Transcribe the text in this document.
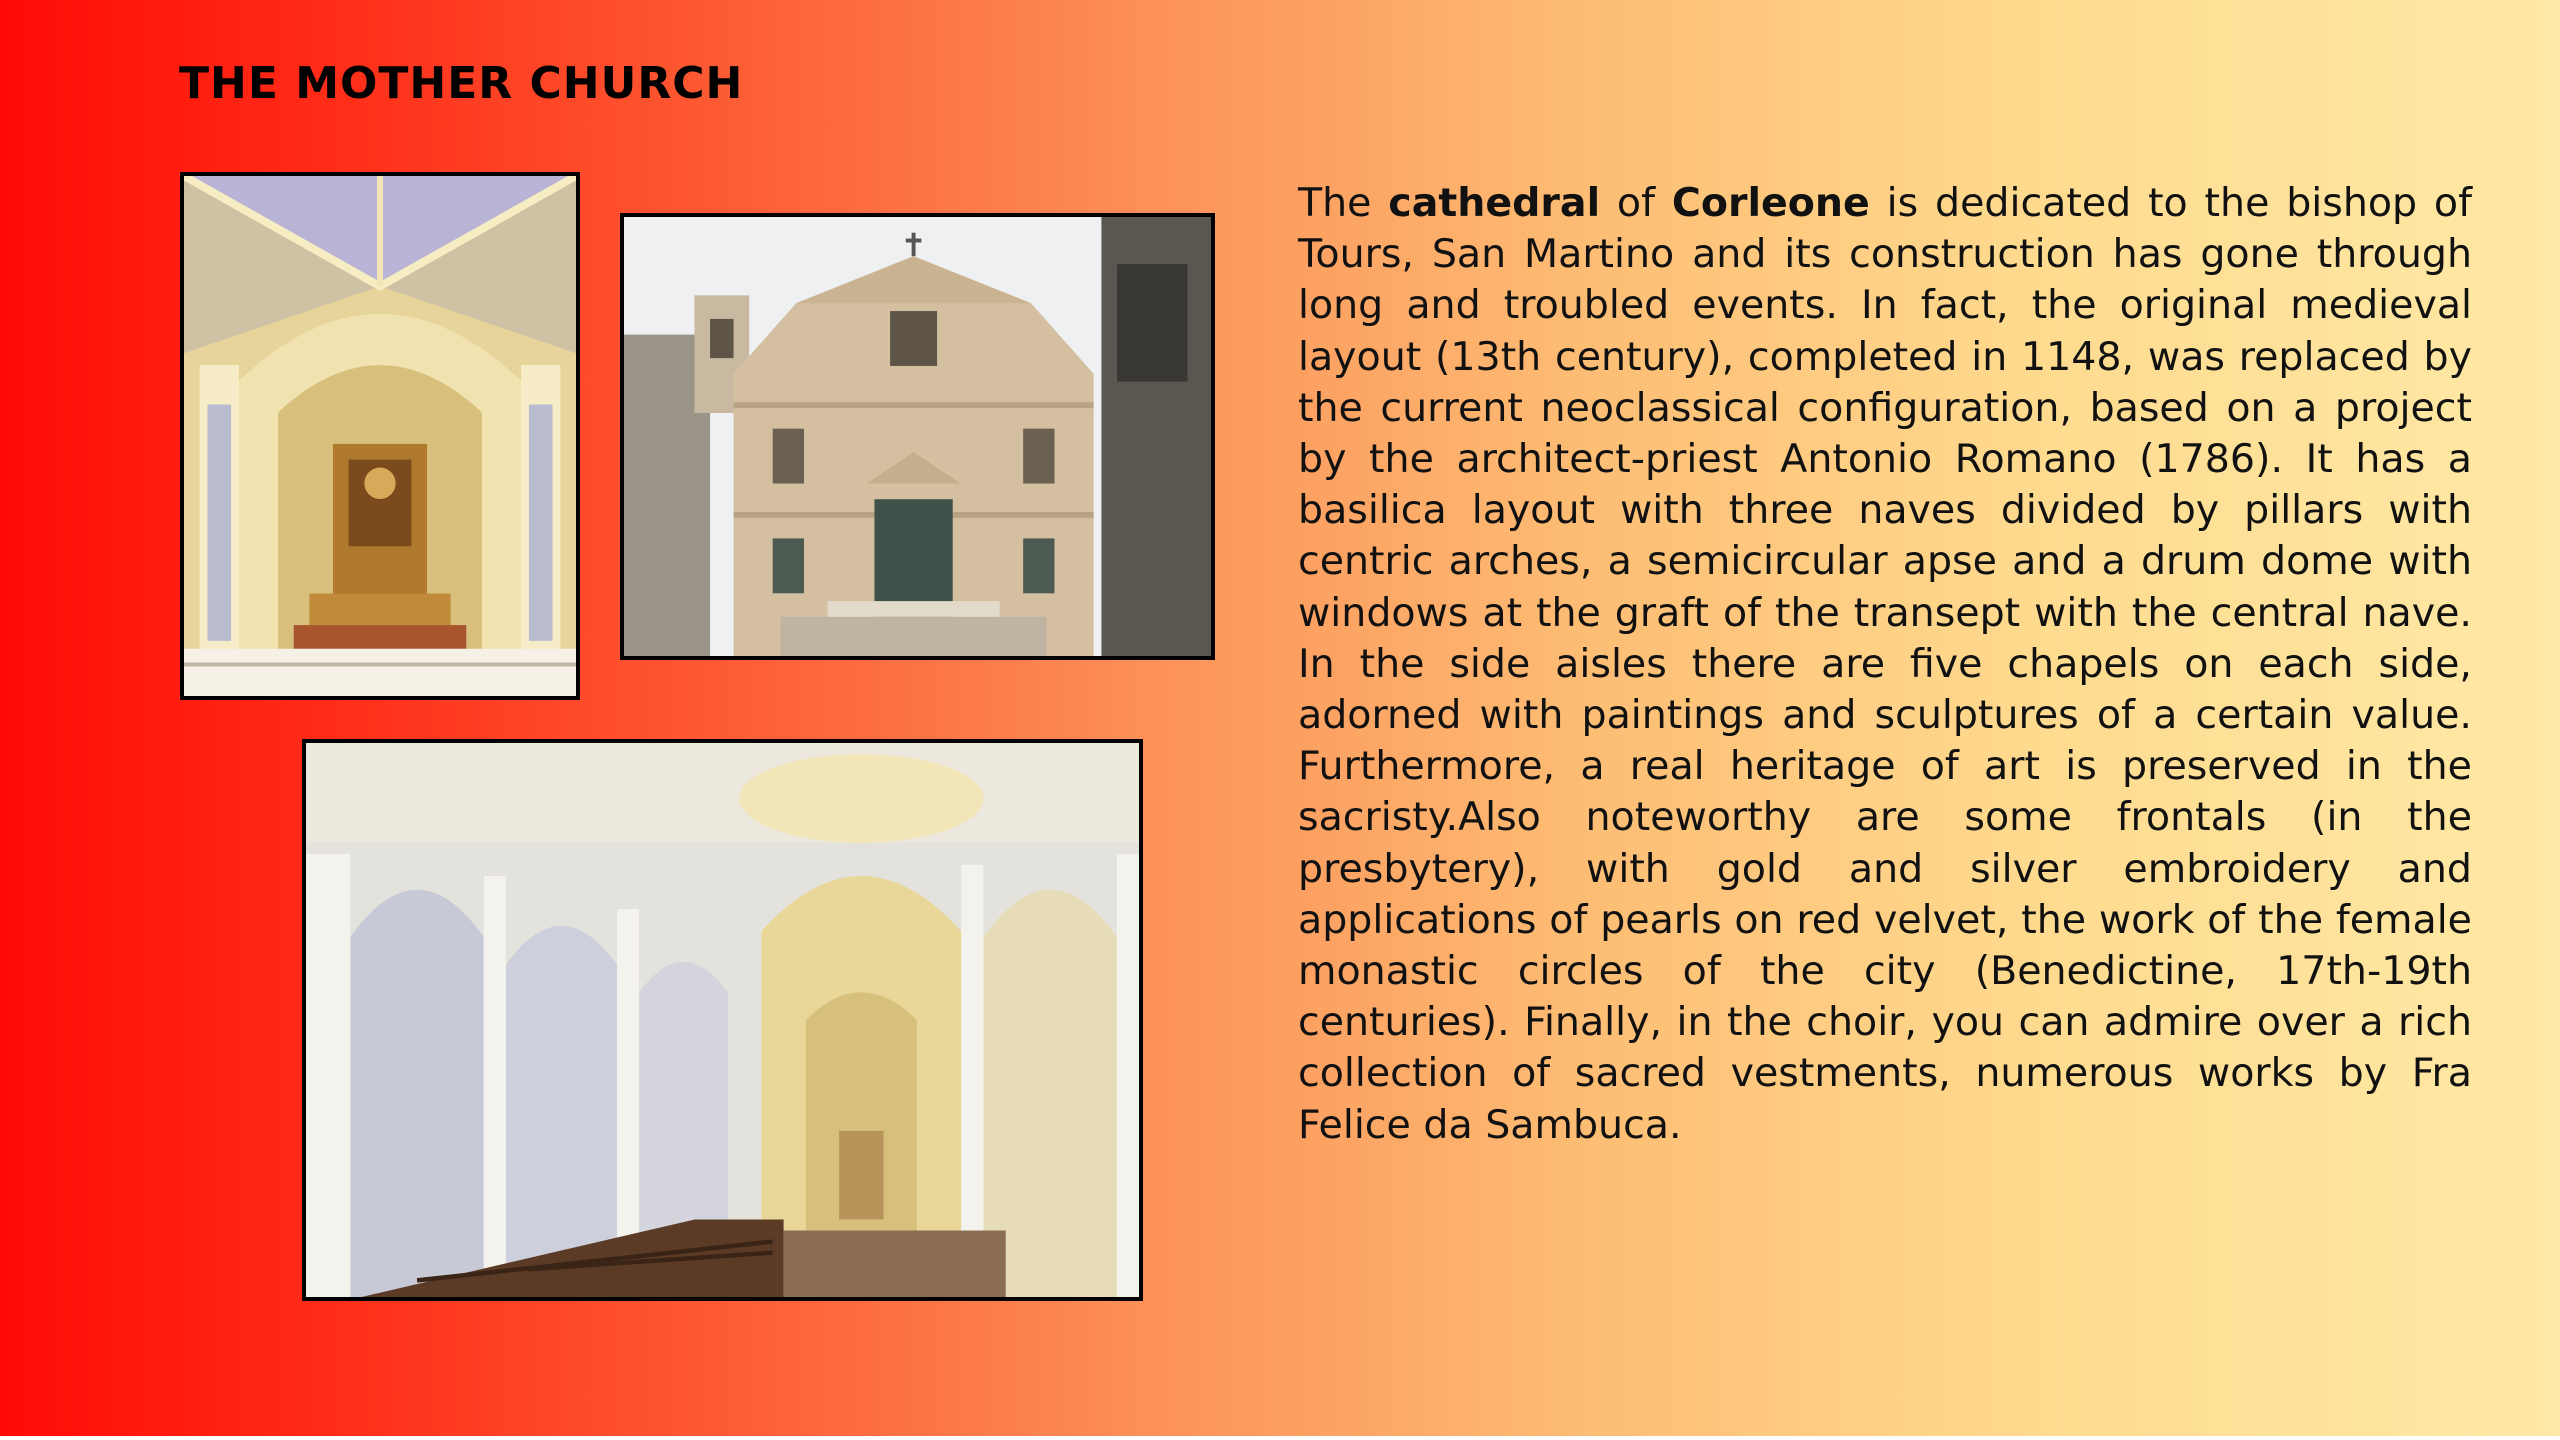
THE MOTHER CHURCH

The cathedral of Corleone is dedicated to the bishop of Tours, San Martino and its construction has gone through long and troubled events. In fact, the original medieval layout (13th century), completed in 1148, was replaced by the current neoclassical configuration, based on a project by the architect-priest Antonio Romano (1786). It has a basilica layout with three naves divided by pillars with centric arches, a semicircular apse and a drum dome with windows at the graft of the transept with the central nave. In the side aisles there are five chapels on each side, adorned with paintings and sculptures of a certain value. Furthermore, a real heritage of art is preserved in the sacristy.Also noteworthy are some frontals (in the presbytery), with gold and silver embroidery and applications of pearls on red velvet, the work of the female monastic circles of the city (Benedictine, 17th-19th centuries). Finally, in the choir, you can admire over a rich collection of sacred vestments, numerous works by Fra Felice da Sambuca.
